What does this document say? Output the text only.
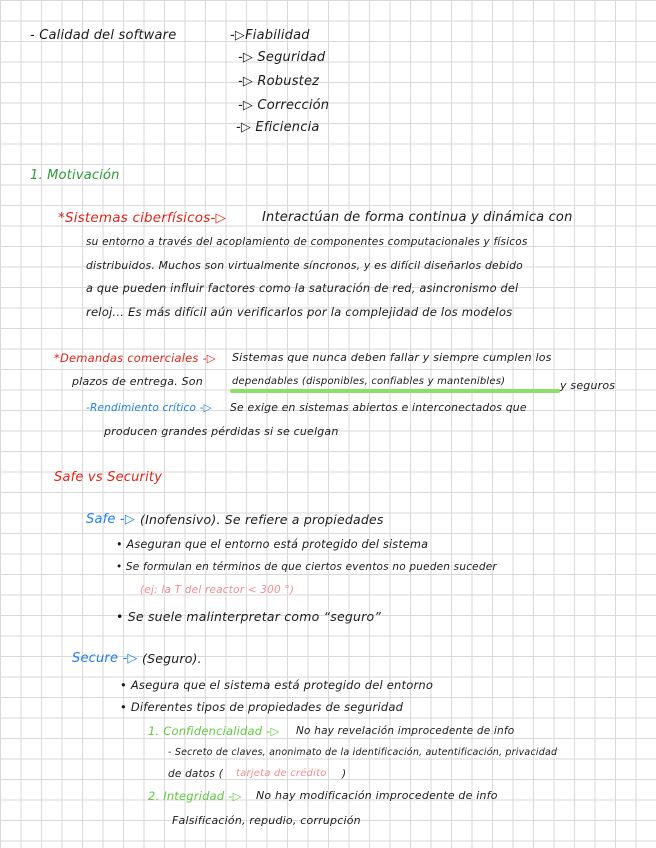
- Calidad del software	-▷Fiabilidad
-▷ Seguridad
-▷ Robustez
-▷ Corrección
-▷ Eficiencia
1. Motivación
*Sistemas ciberfísicos-▷	Interactúan de forma continua y dinámica con
su entorno a través del acoplamiento de componentes computacionales y físicos
distribuidos. Muchos son virtualmente síncronos, y es difícil diseñarlos debido
a que pueden influir factores como la saturación de red, asincronismo del
reloj... Es más difícil aún verificarlos por la complejidad de los modelos
*Demandas comerciales -▷ Sistemas que nunca deben fallar y siempre cumplen los
plazos de entrega. Son	dependables (disponibles, confiables y mantenibles)	y seguros
-Rendimiento crítico -▷ Se exige en sistemas abiertos e interconectados que
producen grandes pérdidas si se cuelgan
Safe vs Security
Safe -▷ (Inofensivo). Se refiere a propiedades
• Aseguran que el entorno está protegido del sistema
• Se formulan en términos de que ciertos eventos no pueden suceder
(ej: la T del reactor < 300 °)
• Se suele malinterpretar como “seguro”
Secure -▷ (Seguro).
• Asegura que el sistema está protegido del entorno
• Diferentes tipos de propiedades de seguridad
1. Confidencialidad -▷ No hay revelación improcedente de info
- Secreto de claves, anonimato de la identificación, autentificación, privacidad
de datos ( tarjeta de crédito )
2. Integridad -▷ No hay modificación improcedente de info
Falsificación, repudio, corrupción
